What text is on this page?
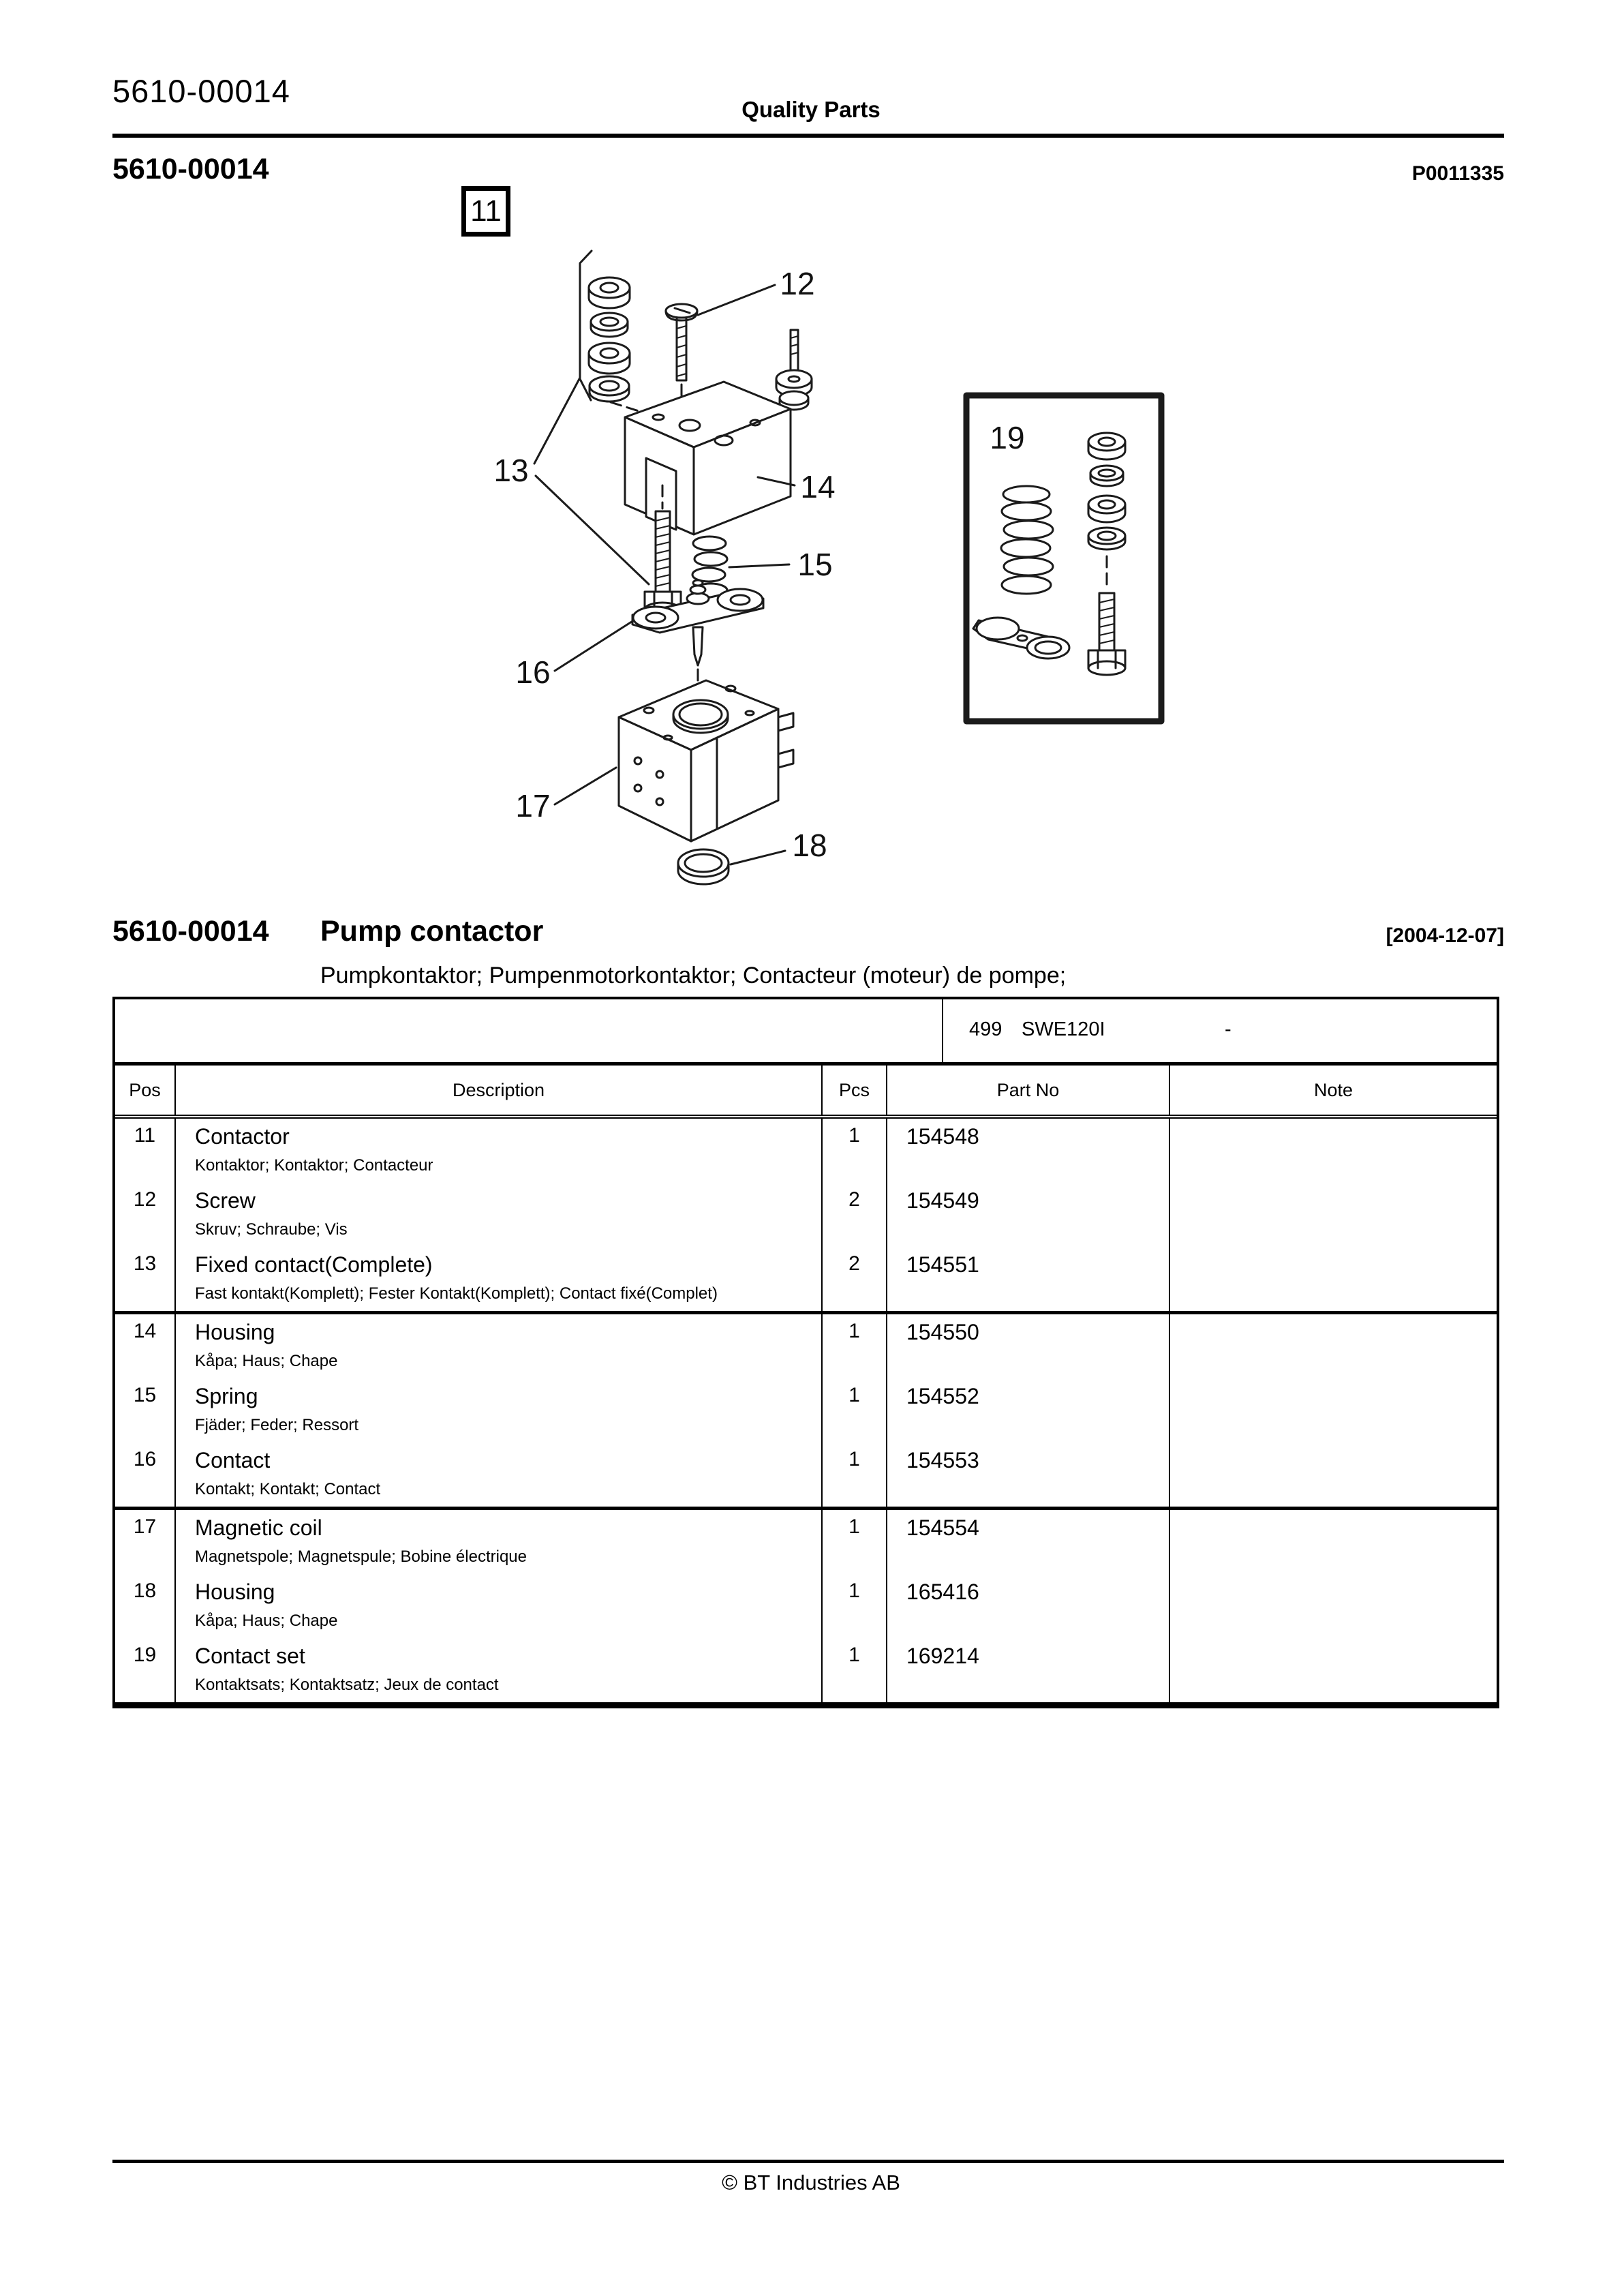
5610-00014
Quality Parts
5610-00014	P0011335
11
12
13	14
15
16
17
18
19
5610-00014 Pump contactor	[2004-12-07]
Pumpkontaktor; Pumpenmotorkontaktor; Contacteur (moteur) de pompe;
499 SWE120I	-
Pos	Description	Pcs	Part No	Note
11	Contactor
Kontaktor; Kontaktor; Contacteur	1	154548	
12	Screw
Skruv; Schraube; Vis	2	154549	
13	Fixed contact(Complete)
Fast kontakt(Komplett); Fester Kontakt(Komplett); Contact fixé(Complet)	2	154551	
14	Housing
Kåpa; Haus; Chape	1	154550	
15	Spring
Fjäder; Feder; Ressort	1	154552	
16	Contact
Kontakt; Kontakt; Contact	1	154553	
17	Magnetic coil
Magnetspole; Magnetspule; Bobine électrique	1	154554	
18	Housing
Kåpa; Haus; Chape	1	165416	
19	Contact set
Kontaktsats; Kontaktsatz; Jeux de contact	1	169214	
© BT Industries AB
